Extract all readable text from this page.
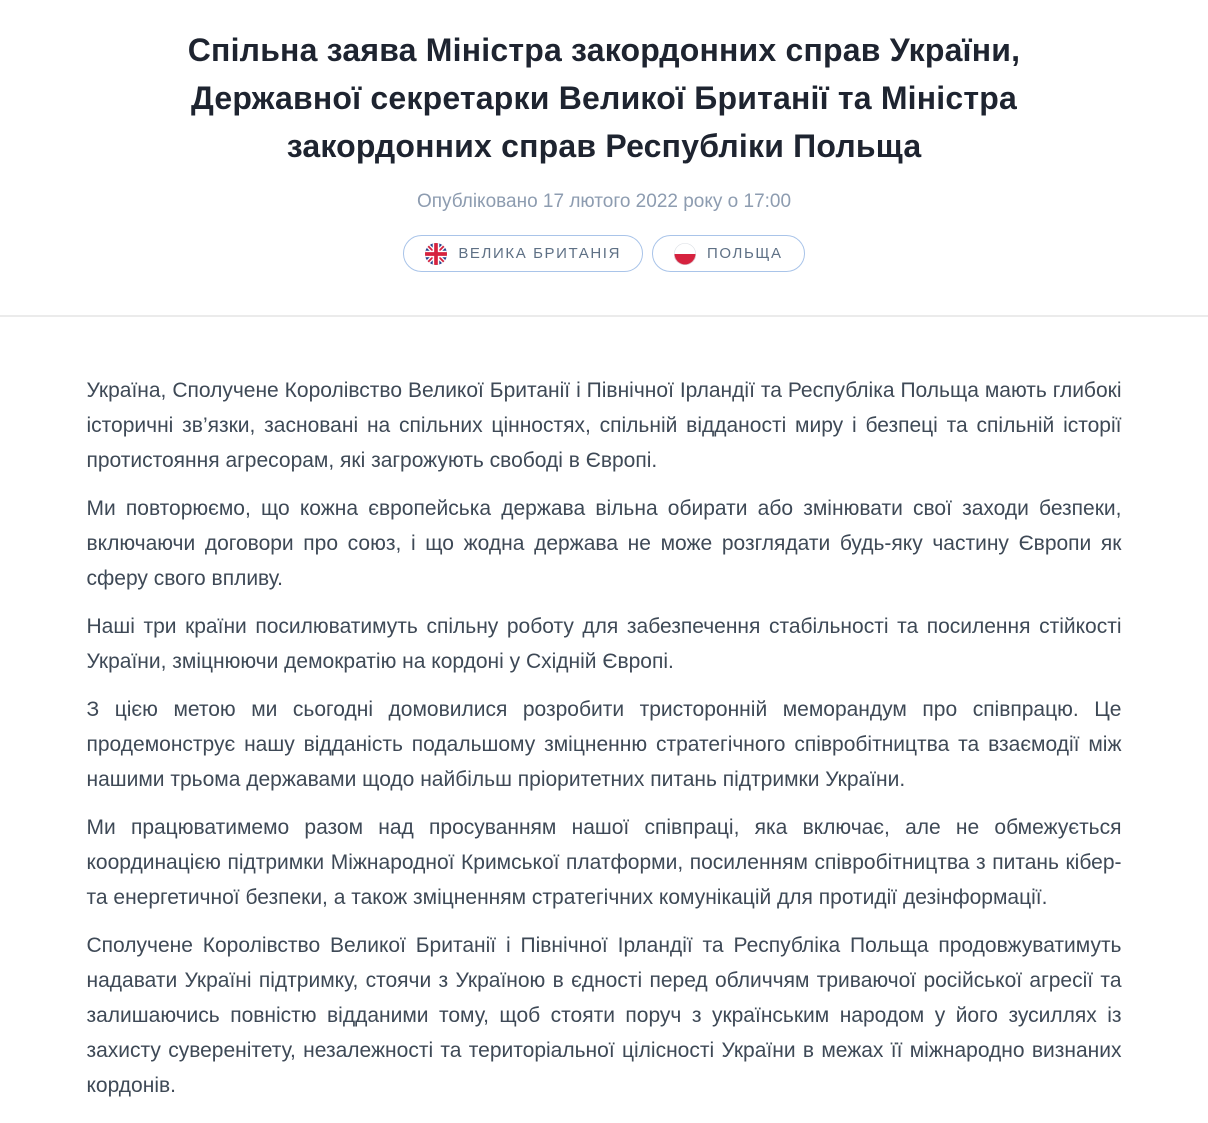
Спільна заява Міністра закордонних справ України, Державної секретарки Великої Британії та Міністра закордонних справ Республіки Польща
Опубліковано 17 лютого 2022 року о 17:00
ВЕЛИКА БРИТАНІЯ	ПОЛЬЩА

Україна, Сполучене Королівство Великої Британії і Північної Ірландії та Республіка Польща мають глибокі історичні зв’язки, засновані на спільних цінностях, спільній відданості миру і безпеці та спільній історії протистояння агресорам, які загрожують свободі в Європі.

Ми повторюємо, що кожна європейська держава вільна обирати або змінювати свої заходи безпеки, включаючи договори про союз, і що жодна держава не може розглядати будь-яку частину Європи як сферу свого впливу.

Наші три країни посилюватимуть спільну роботу для забезпечення стабільності та посилення стійкості України, зміцнюючи демократію на кордоні у Східній Європі.

З цією метою ми сьогодні домовилися розробити тристоронній меморандум про співпрацю. Це продемонструє нашу відданість подальшому зміцненню стратегічного співробітництва та взаємодії між нашими трьома державами щодо найбільш пріоритетних питань підтримки України.

Ми працюватимемо разом над просуванням нашої співпраці, яка включає, але не обмежується координацією підтримки Міжнародної Кримської платформи, посиленням співробітництва з питань кібер- та енергетичної безпеки, а також зміцненням стратегічних комунікацій для протидії дезінформації.

Сполучене Королівство Великої Британії і Північної Ірландії та Республіка Польща продовжуватимуть надавати Україні підтримку, стоячи з Україною в єдності перед обличчям триваючої російської агресії та залишаючись повністю відданими тому, щоб стояти поруч з українським народом у його зусиллях із захисту суверенітету, незалежності та територіальної цілісності України в межах її міжнародно визнаних кордонів.
